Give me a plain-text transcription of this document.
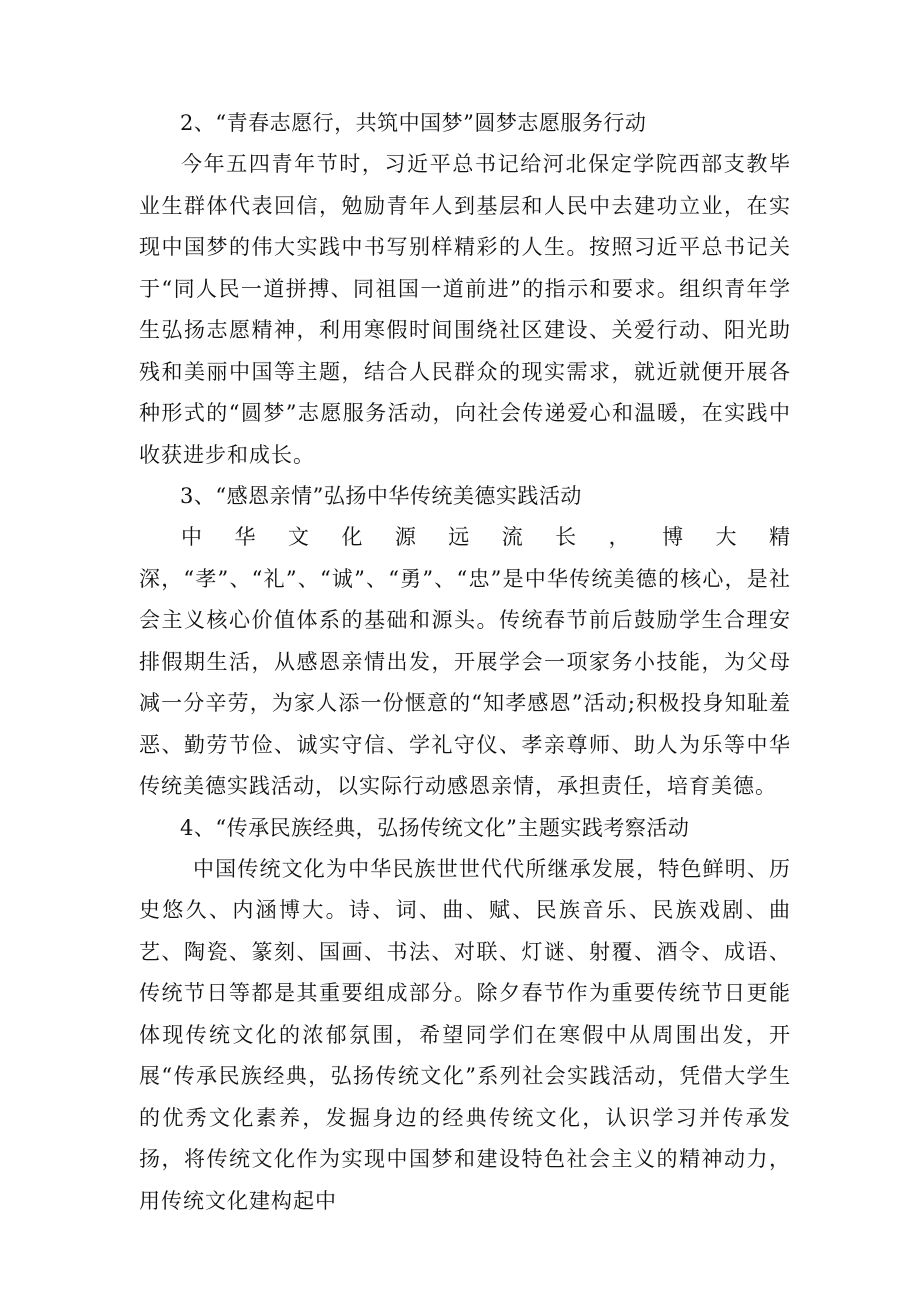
2、“青春志愿行，共筑中国梦”圆梦志愿服务行动

今年五四青年节时，习近平总书记给河北保定学院西部支教毕业生群体代表回信，勉励青年人到基层和人民中去建功立业，在实现中国梦的伟大实践中书写别样精彩的人生。按照习近平总书记关于“同人民一道拼搏、同祖国一道前进”的指示和要求。组织青年学生弘扬志愿精神，利用寒假时间围绕社区建设、关爱行动、阳光助残和美丽中国等主题，结合人民群众的现实需求，就近就便开展各种形式的“圆梦”志愿服务活动，向社会传递爱心和温暖，在实践中收获进步和成长。

3、“感恩亲情”弘扬中华传统美德实践活动

中华文化源远流长，博大精深，“孝”、“礼”、“诚”、“勇”、“忠”是中华传统美德的核心，是社会主义核心价值体系的基础和源头。传统春节前后鼓励学生合理安排假期生活，从感恩亲情出发，开展学会一项家务小技能，为父母减一分辛劳，为家人添一份惬意的“知孝感恩”活动;积极投身知耻羞恶、勤劳节俭、诚实守信、学礼守仪、孝亲尊师、助人为乐等中华传统美德实践活动，以实际行动感恩亲情，承担责任，培育美德。

4、“传承民族经典，弘扬传统文化”主题实践考察活动

中国传统文化为中华民族世世代代所继承发展，特色鲜明、历史悠久、内涵博大。诗、词、曲、赋、民族音乐、民族戏剧、曲艺、陶瓷、篆刻、国画、书法、对联、灯谜、射覆、酒令、成语、传统节日等都是其重要组成部分。除夕春节作为重要传统节日更能体现传统文化的浓郁氛围，希望同学们在寒假中从周围出发，开展“传承民族经典，弘扬传统文化”系列社会实践活动，凭借大学生的优秀文化素养，发掘身边的经典传统文化，认识学习并传承发扬，将传统文化作为实现中国梦和建设特色社会主义的精神动力，用传统文化建构起中
